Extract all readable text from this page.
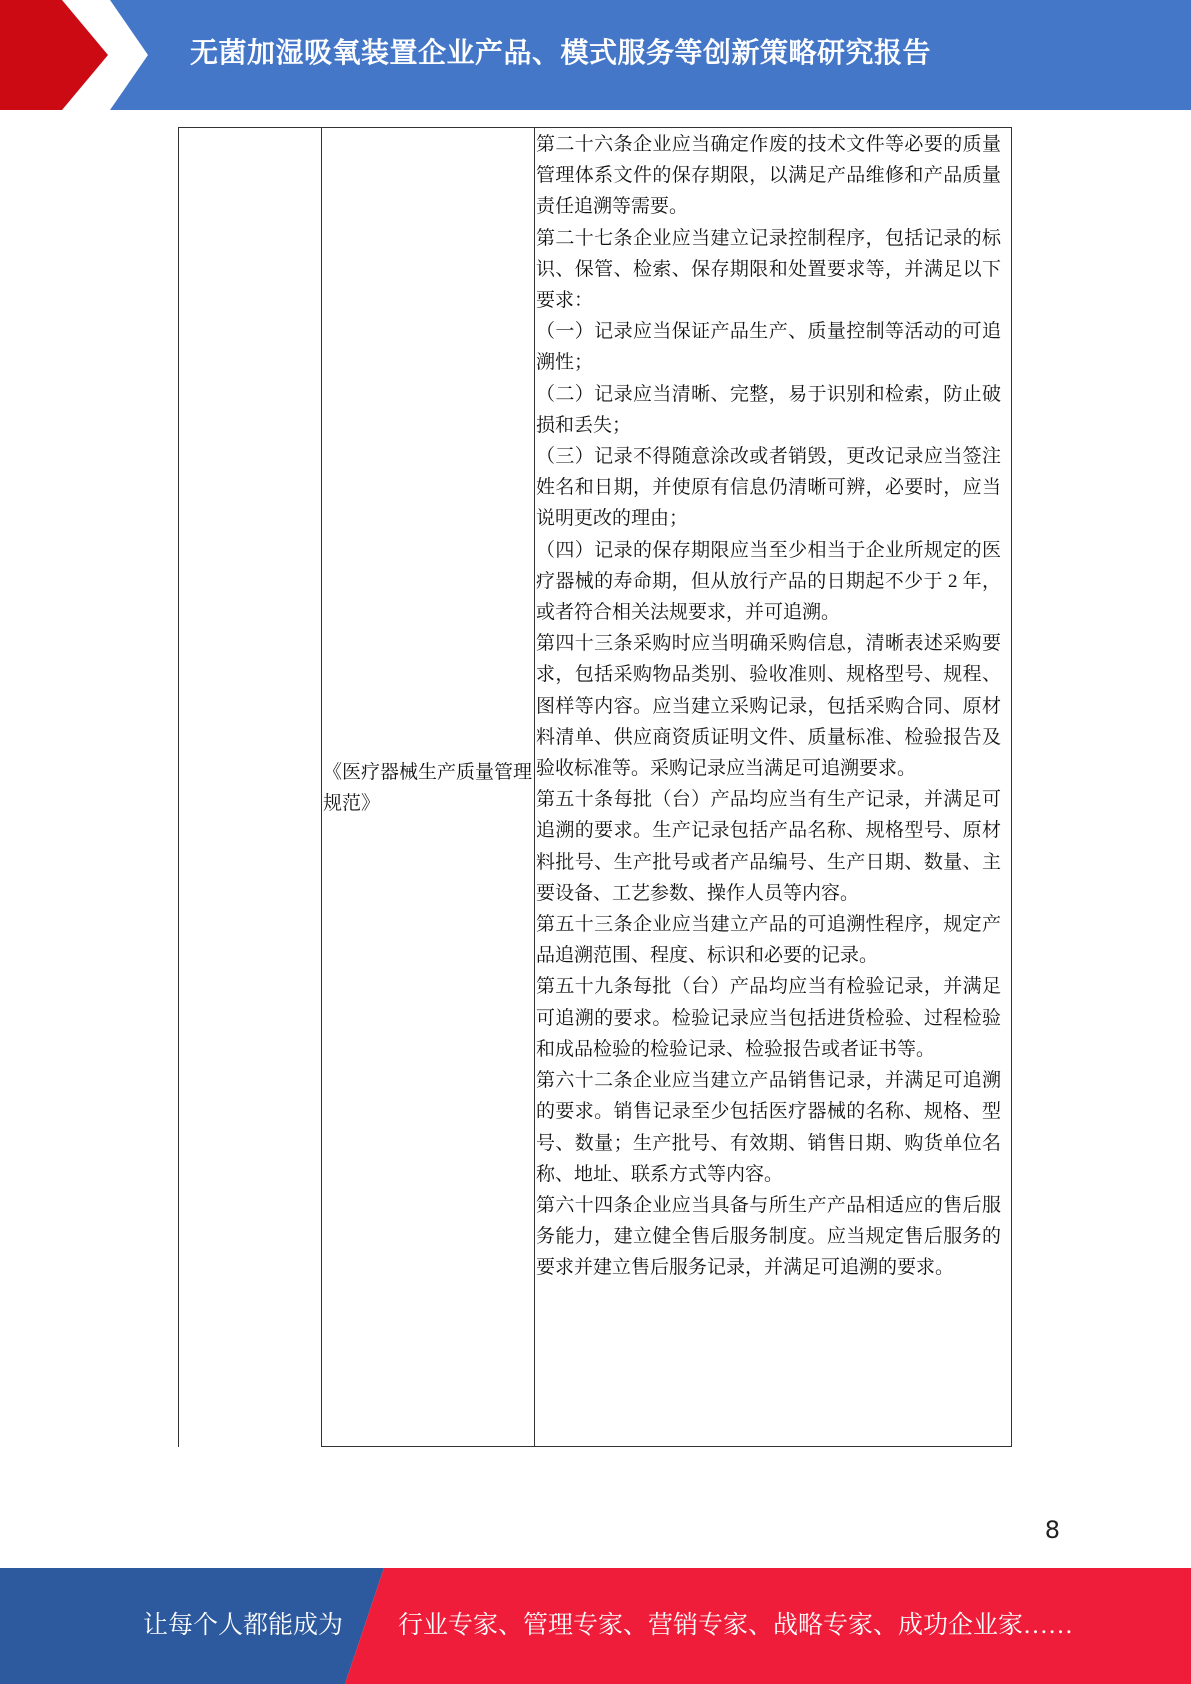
无菌加湿吸氧装置企业产品、模式服务等创新策略研究报告
《医疗器械生产质量管理规范》

第二十六条企业应当确定作废的技术文件等必要的质量管理体系文件的保存期限，以满足产品维修和产品质量责任追溯等需要。

第二十七条企业应当建立记录控制程序，包括记录的标识、保管、检索、保存期限和处置要求等，并满足以下要求：

（一）记录应当保证产品生产、质量控制等活动的可追溯性；

（二）记录应当清晰、完整，易于识别和检索，防止破损和丢失；

（三）记录不得随意涂改或者销毁，更改记录应当签注姓名和日期，并使原有信息仍清晰可辨，必要时，应当说明更改的理由；

（四）记录的保存期限应当至少相当于企业所规定的医疗器械的寿命期，但从放行产品的日期起不少于 2 年，或者符合相关法规要求，并可追溯。

第四十三条采购时应当明确采购信息，清晰表述采购要求，包括采购物品类别、验收准则、规格型号、规程、图样等内容。应当建立采购记录，包括采购合同、原材料清单、供应商资质证明文件、质量标准、检验报告及验收标准等。采购记录应当满足可追溯要求。

第五十条每批（台）产品均应当有生产记录，并满足可追溯的要求。生产记录包括产品名称、规格型号、原材料批号、生产批号或者产品编号、生产日期、数量、主要设备、工艺参数、操作人员等内容。

第五十三条企业应当建立产品的可追溯性程序，规定产品追溯范围、程度、标识和必要的记录。

第五十九条每批（台）产品均应当有检验记录，并满足可追溯的要求。检验记录应当包括进货检验、过程检验和成品检验的检验记录、检验报告或者证书等。

第六十二条企业应当建立产品销售记录，并满足可追溯的要求。销售记录至少包括医疗器械的名称、规格、型号、数量；生产批号、有效期、销售日期、购货单位名称、地址、联系方式等内容。

第六十四条企业应当具备与所生产产品相适应的售后服务能力，建立健全售后服务制度。应当规定售后服务的要求并建立售后服务记录，并满足可追溯的要求。

8
让每个人都能成为 行业专家、管理专家、营销专家、战略专家、成功企业家……
